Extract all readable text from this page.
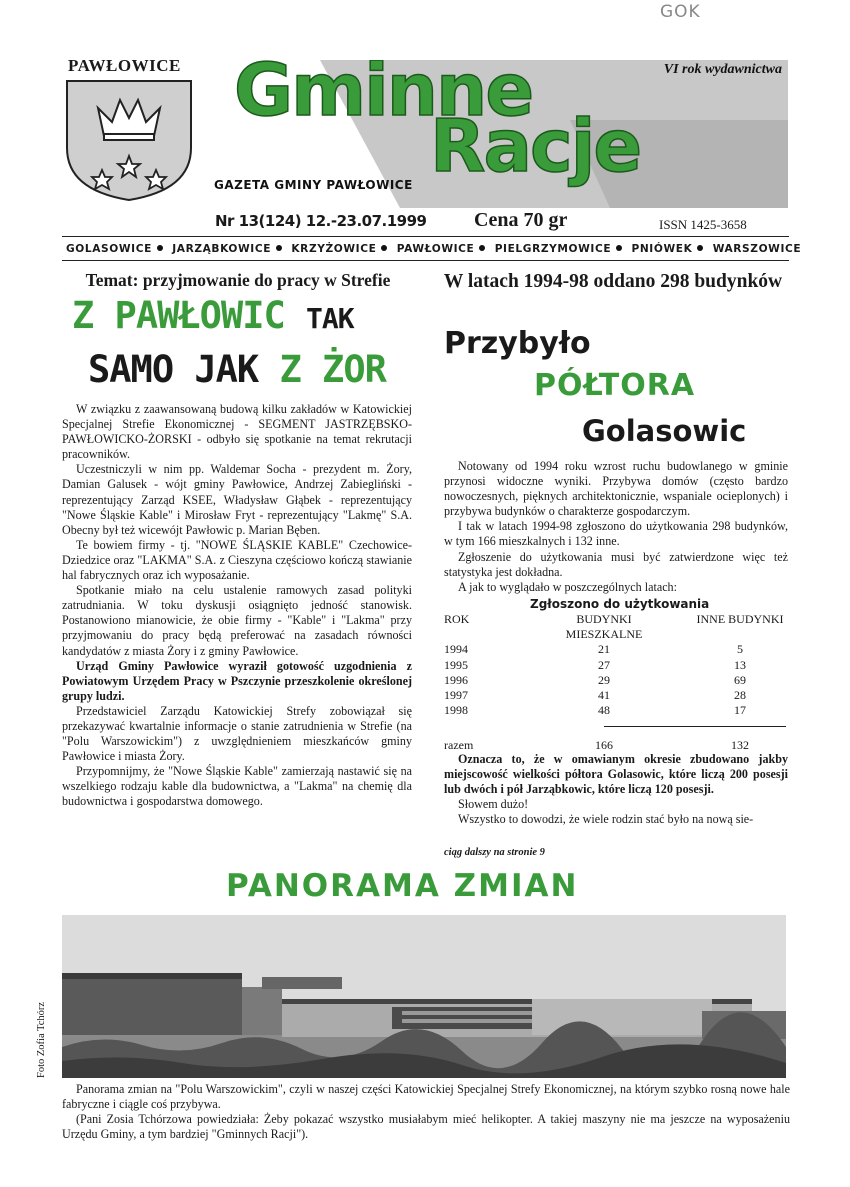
GOK
PAWŁOWICE	VI rok wydawnictwa
Gminne
Racje
GAZETA GMINY PAWŁOWICE
Nr 13(124) 12.-23.07.1999 Cena 70 gr	ISSN 1425-3658
GOLASOWICE JARZĄBKOWICE KRZYŻOWICE PAWŁOWICE PIELGRZYMOWICE PNIÓWEK WARSZOWICE
Temat: przyjmowanie do pracy w Strefie
Z PAWŁOWIC TAK
SAMO JAK Z ŻOR

W związku z zaawansowaną budową kilku zakładów w Katowickiej Specjalnej Strefie Ekonomicznej - SEGMENT JASTRZĘBSKO-PAWŁOWICKO-ŻORSKI - odbyło się spotkanie na temat rekrutacji pracowników.

Uczestniczyli w nim pp. Waldemar Socha - prezydent m. Żory, Damian Galusek - wójt gminy Pawłowice, Andrzej Zabiegliński - reprezentujący Zarząd KSEE, Władysław Głąbek - reprezentujący "Nowe Śląskie Kable" i Mirosław Fryt - reprezentujący "Lakmę" S.A. Obecny był też wicewójt Pawłowic p. Marian Bęben.

Te bowiem firmy - tj. "NOWE ŚLĄSKIE KABLE" Czechowice-Dziedzice oraz "LAKMA" S.A. z Cieszyna częściowo kończą stawianie hal fabrycznych oraz ich wyposażanie.

Spotkanie miało na celu ustalenie ramowych zasad polityki zatrudniania. W toku dyskusji osiągnięto jedność stanowisk. Postanowiono mianowicie, że obie firmy - "Kable" i "Lakma" przy przyjmowaniu do pracy będą preferować na zasadach równości kandydatów z miasta Żory i z gminy Pawłowice.

Urząd Gminy Pawłowice wyraził gotowość uzgodnienia z Powiatowym Urzędem Pracy w Pszczynie przeszkolenie określonej grupy ludzi.

Przedstawiciel Zarządu Katowickiej Strefy zobowiązał się przekazywać kwartalnie informacje o stanie zatrudnienia w Strefie (na "Polu Warszowickim") z uwzględnieniem mieszkańców gminy Pawłowice i miasta Żory.

Przypomnijmy, że "Nowe Śląskie Kable" zamierzają nastawić się na wszelkiego rodzaju kable dla budownictwa, a "Lakma" na chemię dla budownictwa i gospodarstwa domowego.

W latach 1994-98 oddano 298 budynków
Przybyło
PÓŁTORA
Golasowic

Notowany od 1994 roku wzrost ruchu budowlanego w gminie przynosi widoczne wyniki. Przybywa domów (często bardzo nowoczesnych, pięknych architektonicznie, wspaniale ocieplonych) i przybywa budynków o charakterze gospodarczym.

I tak w latach 1994-98 zgłoszono do użytkowania 298 budynków, w tym 166 mieszkalnych i 132 inne.

Zgłoszenie do użytkowania musi być zatwierdzone więc też statystyka jest dokładna.

A jak to wyglądało w poszczególnych latach:

Zgłoszono do użytkowania
ROK	BUDYNKI	INNE BUDYNKI
MIESZKALNE
1994	21	5
1995	27	13
1996	29	69
1997	41	28
1998	48	17
razem	166	132

Oznacza to, że w omawianym okresie zbudowano jakby miejscowość wielkości półtora Golasowic, które liczą 200 posesji lub dwóch i pół Jarząbkowic, które liczą 120 posesji.

Słowem dużo!

Wszystko to dowodzi, że wiele rodzin stać było na nową sie-

ciąg dalszy na stronie 9
PANORAMA ZMIAN
Foto Zofia Tchórz

Panorama zmian na "Polu Warszowickim", czyli w naszej części Katowickiej Specjalnej Strefy Ekonomicznej, na którym szybko rosną nowe hale fabryczne i ciągle coś przybywa.

(Pani Zosia Tchórzowa powiedziała: Żeby pokazać wszystko musiałabym mieć helikopter. A takiej maszyny nie ma jeszcze na wyposażeniu Urzędu Gminy, a tym bardziej "Gminnych Racji").
